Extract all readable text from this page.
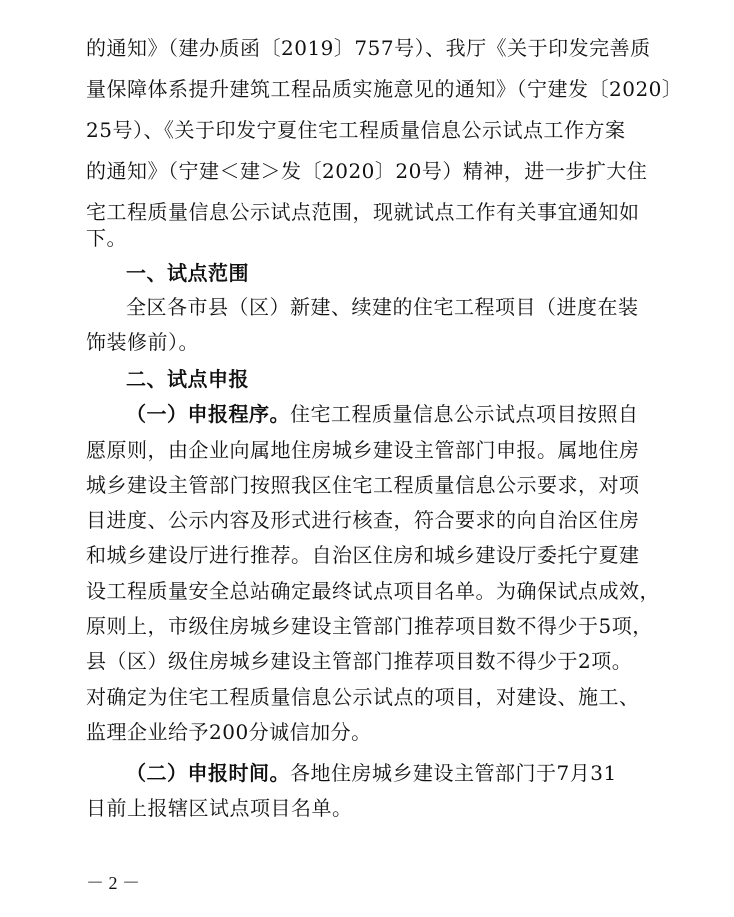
的通知》（建办质函〔2019〕757号）、我厅《关于印发完善质
量保障体系提升建筑工程品质实施意见的通知》（宁建发〔2020〕
25号）、《关于印发宁夏住宅工程质量信息公示试点工作方案
的通知》（宁建＜建＞发〔2020〕20号）精神，进一步扩大住
宅工程质量信息公示试点范围，现就试点工作有关事宜通知如
下。
一、试点范围
全区各市县（区）新建、续建的住宅工程项目（进度在装
饰装修前）。
二、试点申报
（一）申报程序。住宅工程质量信息公示试点项目按照自
愿原则，由企业向属地住房城乡建设主管部门申报。属地住房
城乡建设主管部门按照我区住宅工程质量信息公示要求，对项
目进度、公示内容及形式进行核查，符合要求的向自治区住房
和城乡建设厅进行推荐。自治区住房和城乡建设厅委托宁夏建
设工程质量安全总站确定最终试点项目名单。为确保试点成效，
原则上，市级住房城乡建设主管部门推荐项目数不得少于5项，
县（区）级住房城乡建设主管部门推荐项目数不得少于2项。
对确定为住宅工程质量信息公示试点的项目，对建设、施工、
监理企业给予200分诚信加分。
（二）申报时间。各地住房城乡建设主管部门于7月31
日前上报辖区试点项目名单。
－ 2 －
